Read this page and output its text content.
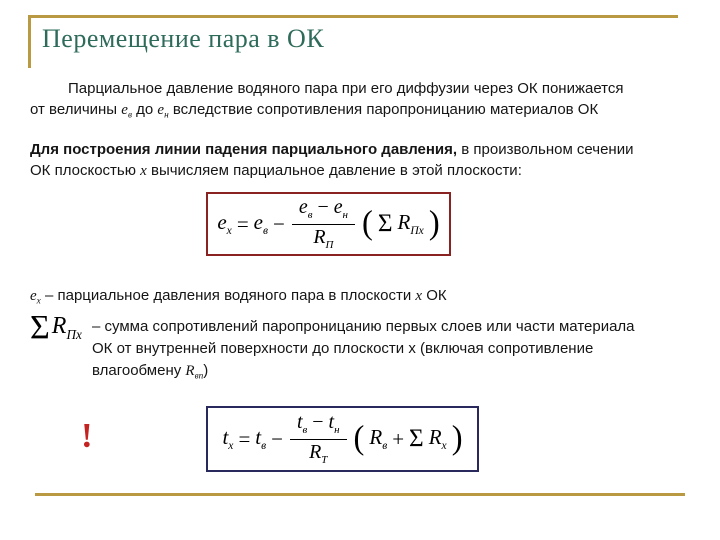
Перемещение пара в ОК

Парциальное давление водяного пара при его диффузии через ОК понижается
от величины $е_в$ до $е_н$ вследствие сопротивления паропроницанию материалов ОК

Для построения линии падения парциального давления, в произвольном сечении
ОК плоскостью х вычисляем парциальное давление в этой плоскости:

$e_х = e_в - \frac{e_в - e_н}{R_П}$ ( Σ $R_{Пх}$ )

$е_х$ – парциальное давления водяного пара в плоскости х ОК

Σ $R_{Пх}$ – сумма сопротивлений паропроницанию первых слоев или части материала
ОК от внутренней поверхности до плоскости х (включая сопротивление
влагообмену $R_{вп}$)

!	$t_х = t_в - \frac{t_в - t_н}{R_Т}$ ( $R_в + \Sigma$ $R_х$ )
